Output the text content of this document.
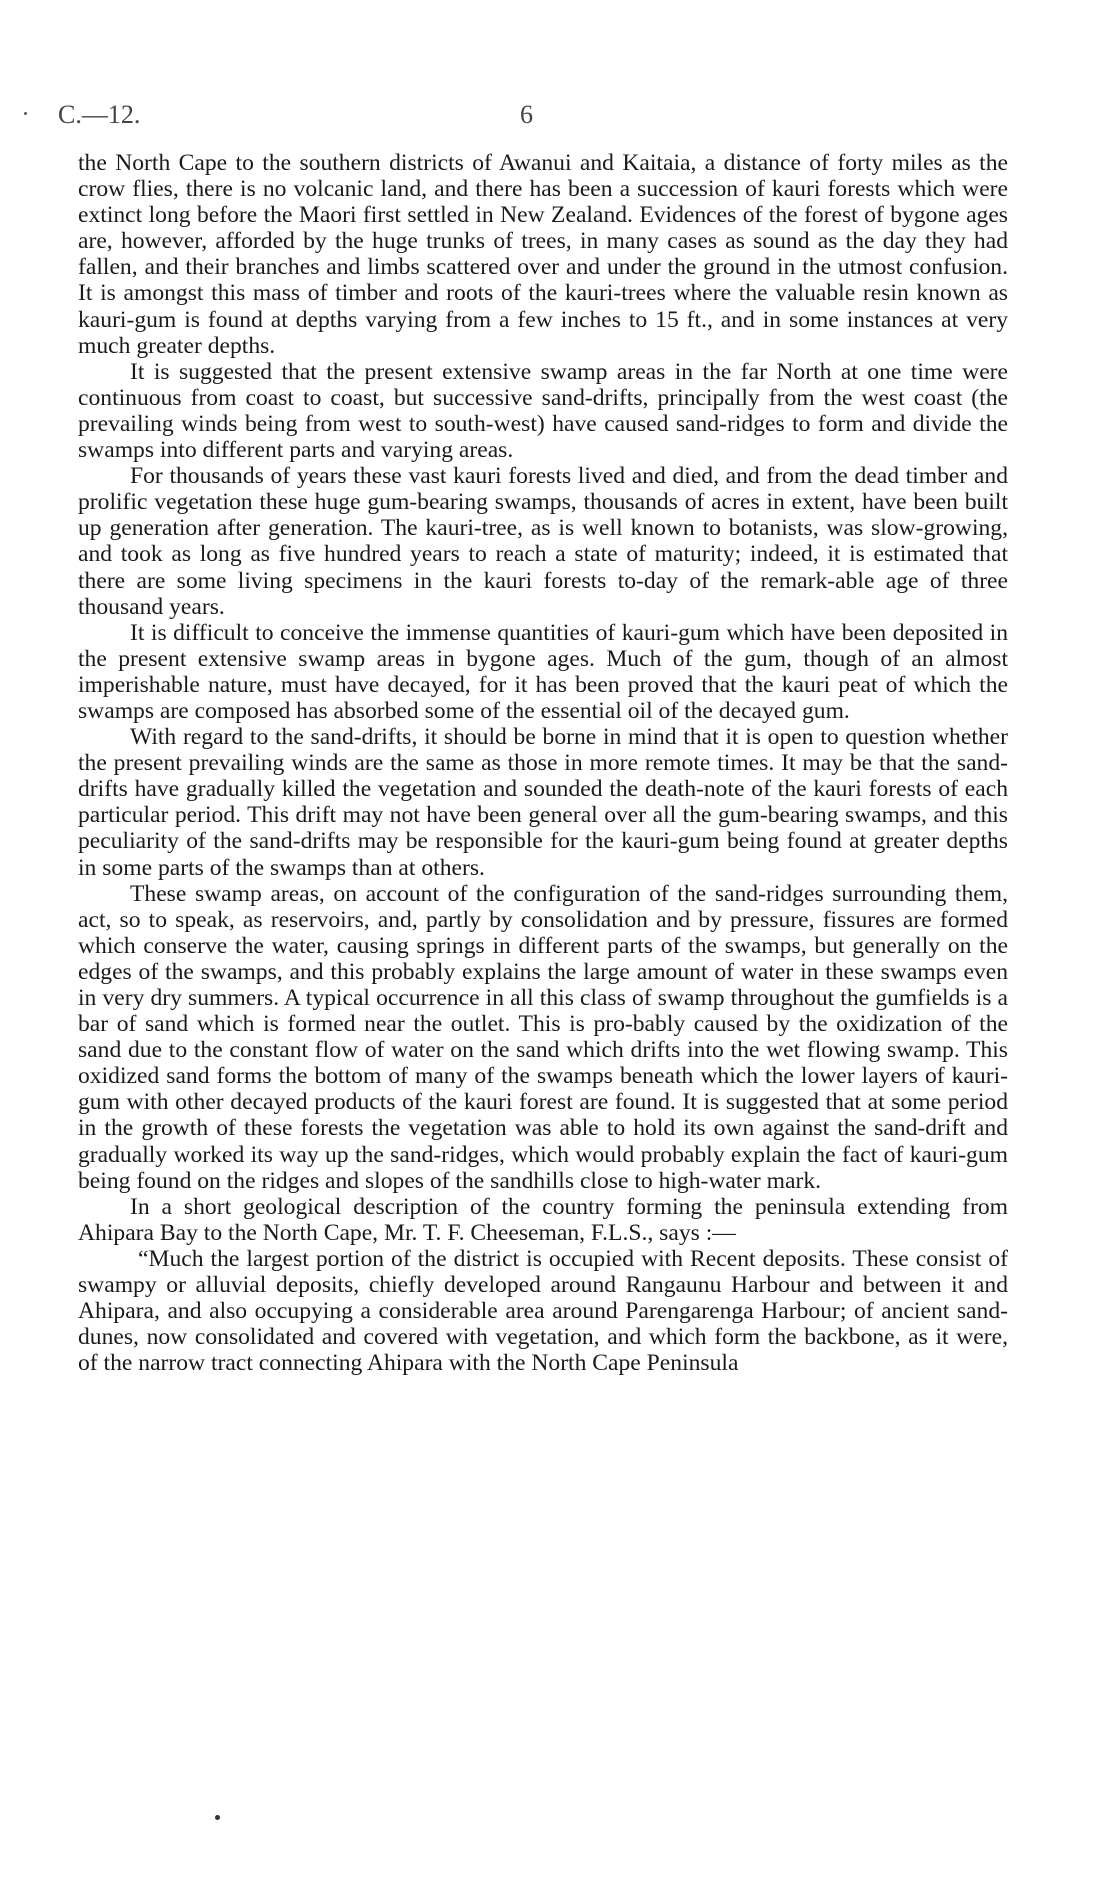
C.—12.	6

the North Cape to the southern districts of Awanui and Kaitaia, a distance of forty miles as the crow flies, there is no volcanic land, and there has been a succession of kauri forests which were extinct long before the Maori first settled in New Zealand. Evidences of the forest of bygone ages are, however, afforded by the huge trunks of trees, in many cases as sound as the day they had fallen, and their branches and limbs scattered over and under the ground in the utmost confusion. It is amongst this mass of timber and roots of the kauri-trees where the valuable resin known as kauri-gum is found at depths varying from a few inches to 15 ft., and in some instances at very much greater depths.

It is suggested that the present extensive swamp areas in the far North at one time were continuous from coast to coast, but successive sand-drifts, principally from the west coast (the prevailing winds being from west to south-west) have caused sand-ridges to form and divide the swamps into different parts and varying areas.

For thousands of years these vast kauri forests lived and died, and from the dead timber and prolific vegetation these huge gum-bearing swamps, thousands of acres in extent, have been built up generation after generation. The kauri-tree, as is well known to botanists, was slow-growing, and took as long as five hundred years to reach a state of maturity; indeed, it is estimated that there are some living specimens in the kauri forests to-day of the remark-able age of three thousand years.

It is difficult to conceive the immense quantities of kauri-gum which have been deposited in the present extensive swamp areas in bygone ages. Much of the gum, though of an almost imperishable nature, must have decayed, for it has been proved that the kauri peat of which the swamps are composed has absorbed some of the essential oil of the decayed gum.

With regard to the sand-drifts, it should be borne in mind that it is open to question whether the present prevailing winds are the same as those in more remote times. It may be that the sand-drifts have gradually killed the vegetation and sounded the death-note of the kauri forests of each particular period. This drift may not have been general over all the gum-bearing swamps, and this peculiarity of the sand-drifts may be responsible for the kauri-gum being found at greater depths in some parts of the swamps than at others.

These swamp areas, on account of the configuration of the sand-ridges surrounding them, act, so to speak, as reservoirs, and, partly by consolidation and by pressure, fissures are formed which conserve the water, causing springs in different parts of the swamps, but generally on the edges of the swamps, and this probably explains the large amount of water in these swamps even in very dry summers. A typical occurrence in all this class of swamp throughout the gumfields is a bar of sand which is formed near the outlet. This is pro-bably caused by the oxidization of the sand due to the constant flow of water on the sand which drifts into the wet flowing swamp. This oxidized sand forms the bottom of many of the swamps beneath which the lower layers of kauri-gum with other decayed products of the kauri forest are found. It is suggested that at some period in the growth of these forests the vegetation was able to hold its own against the sand-drift and gradually worked its way up the sand-ridges, which would probably explain the fact of kauri-gum being found on the ridges and slopes of the sandhills close to high-water mark.

In a short geological description of the country forming the peninsula extending from Ahipara Bay to the North Cape, Mr. T. F. Cheeseman, F.L.S., says :—

“Much the largest portion of the district is occupied with Recent deposits. These consist of swampy or alluvial deposits, chiefly developed around Rangaunu Harbour and between it and Ahipara, and also occupying a considerable area around Parengarenga Harbour; of ancient sand-dunes, now consolidated and covered with vegetation, and which form the backbone, as it were, of the narrow tract connecting Ahipara with the North Cape Peninsula
